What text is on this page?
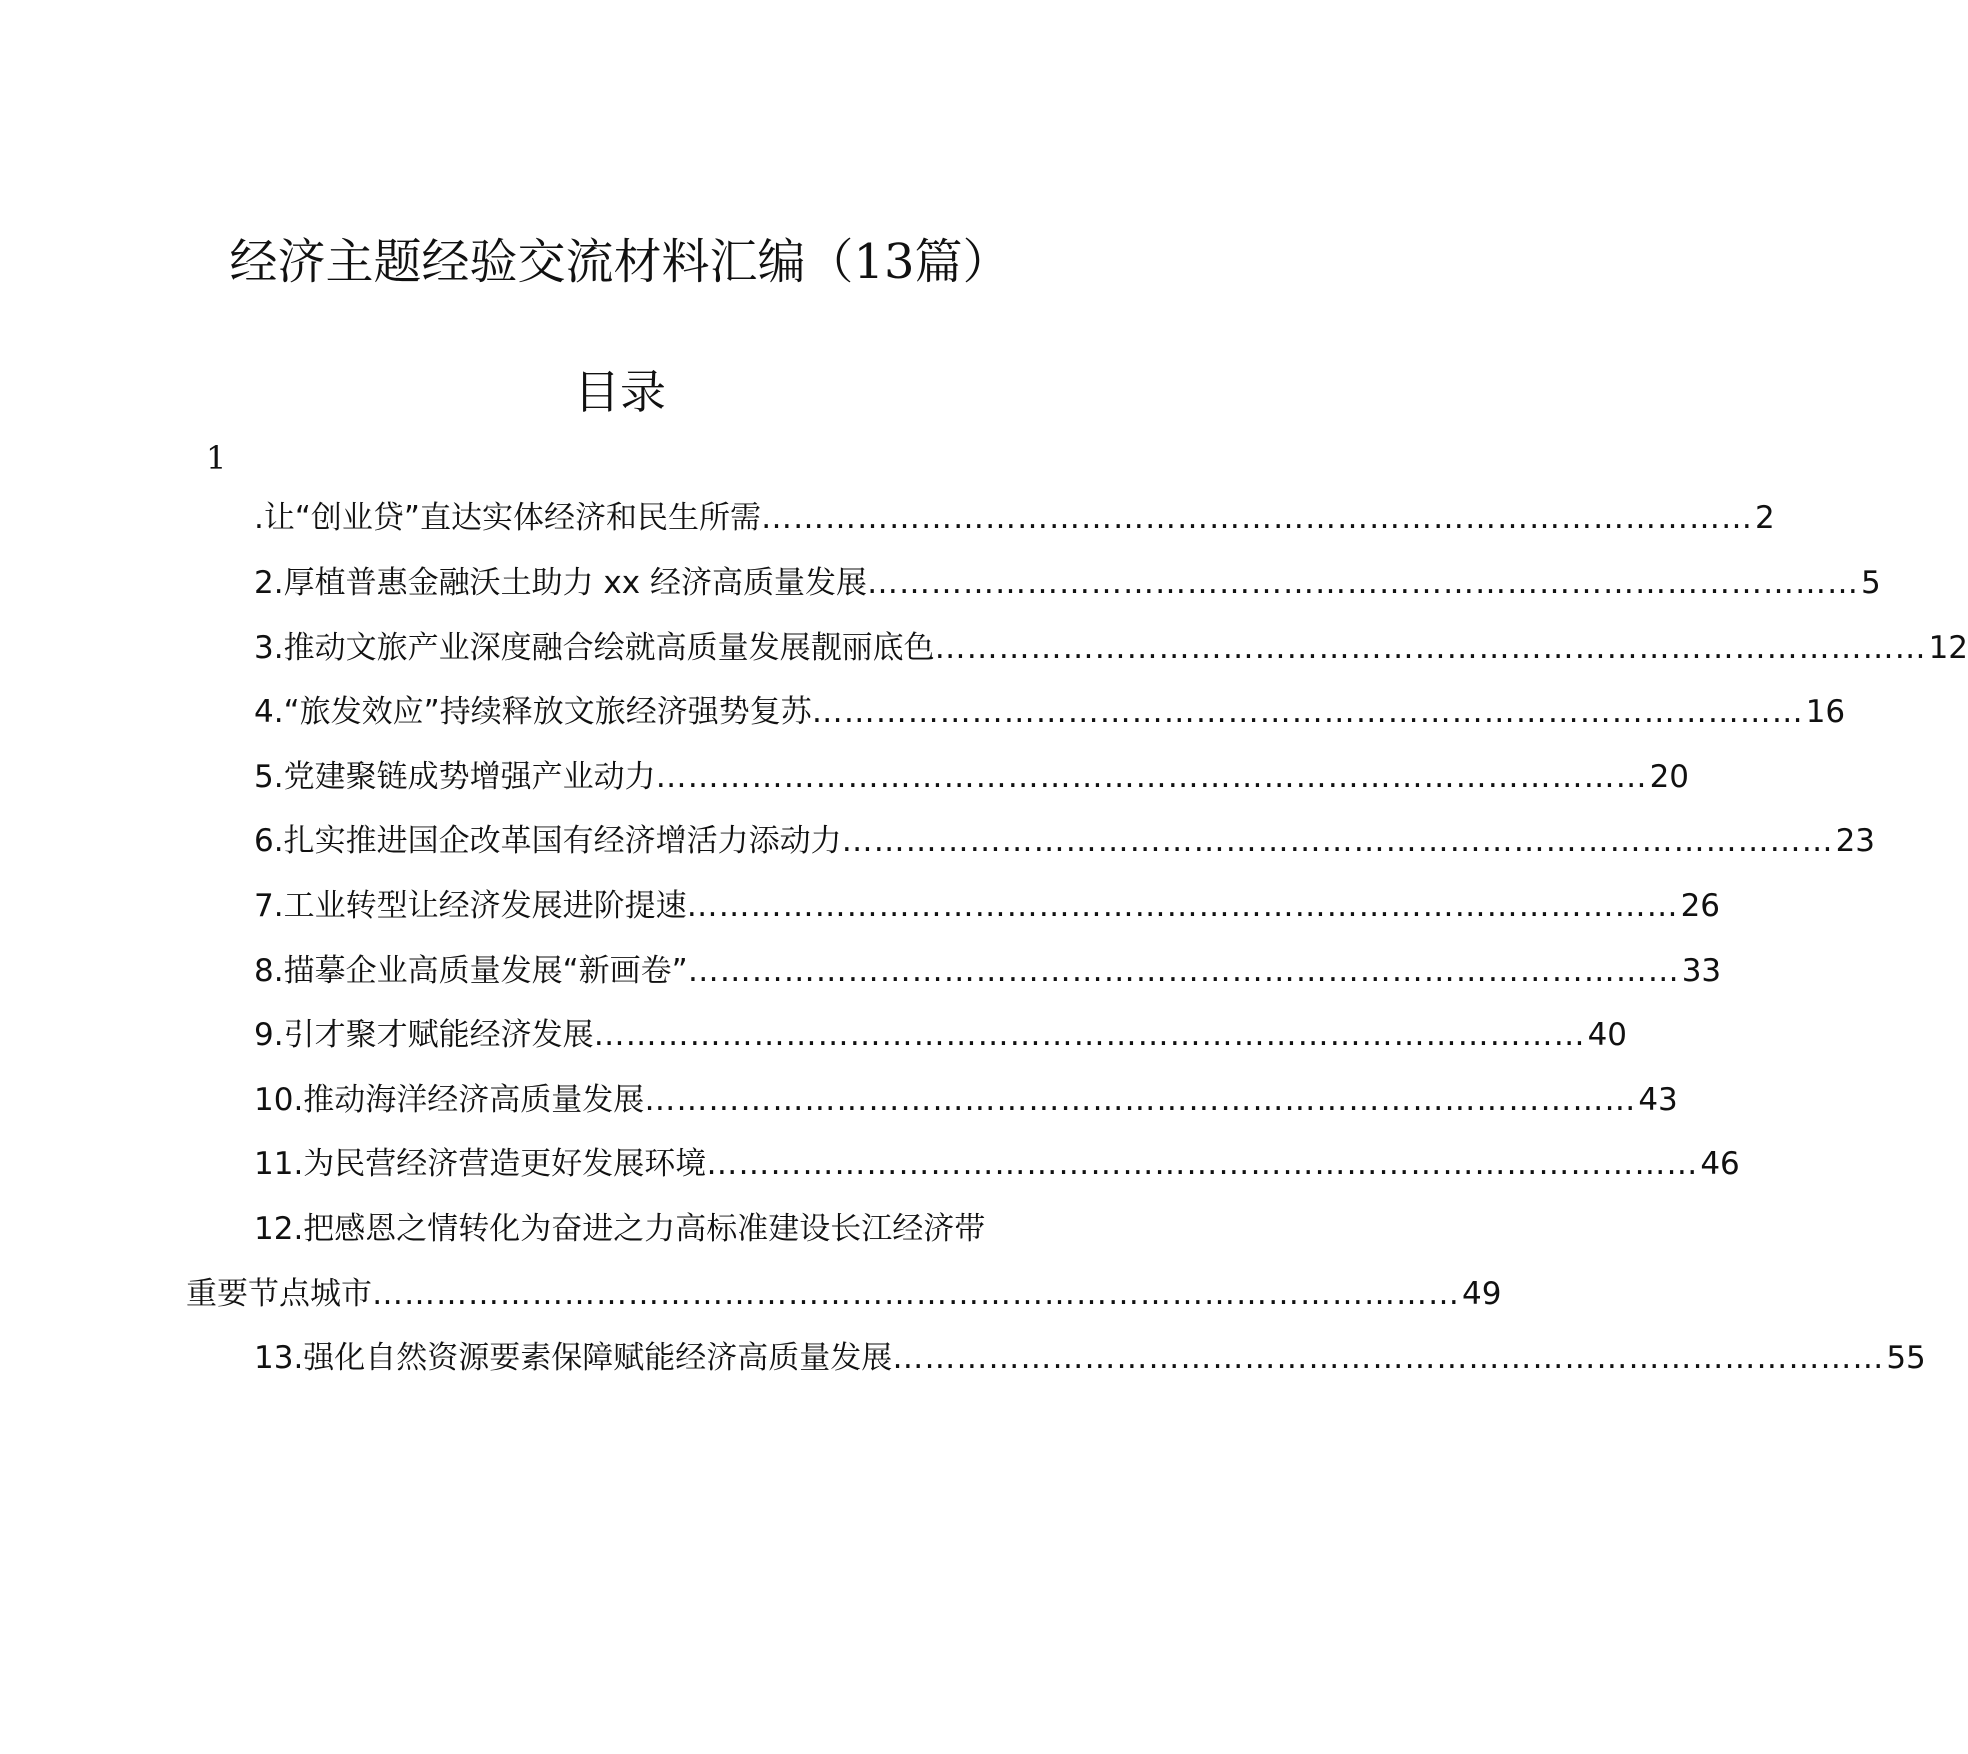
经济主题经验交流材料汇编（13篇）
目录
1
.让“创业贷”直达实体经济和民生所需 ………………………………………………………………………………… 2
2.厚植普惠金融沃土助力 xx 经济高质量发展 ………………………………………………………………………………… 5
3.推动文旅产业深度融合绘就高质量发展靓丽底色 ………………………………………………………………………………… 12
4.“旅发效应”持续释放文旅经济强势复苏 ………………………………………………………………………………… 16
5.党建聚链成势增强产业动力 ………………………………………………………………………………… 20
6.扎实推进国企改革国有经济增活力添动力 ………………………………………………………………………………… 23
7.工业转型让经济发展进阶提速 ………………………………………………………………………………… 26
8.描摹企业高质量发展“新画卷” ………………………………………………………………………………… 33
9.引才聚才赋能经济发展 ………………………………………………………………………………… 40
10.推动海洋经济高质量发展 ………………………………………………………………………………… 43
11.为民营经济营造更好发展环境 ………………………………………………………………………………… 46
12.把感恩之情转化为奋进之力高标准建设长江经济带
重要节点城市 ………………………………………………………………………………………… 49
13.强化自然资源要素保障赋能经济高质量发展 ………………………………………………………………………………… 55
